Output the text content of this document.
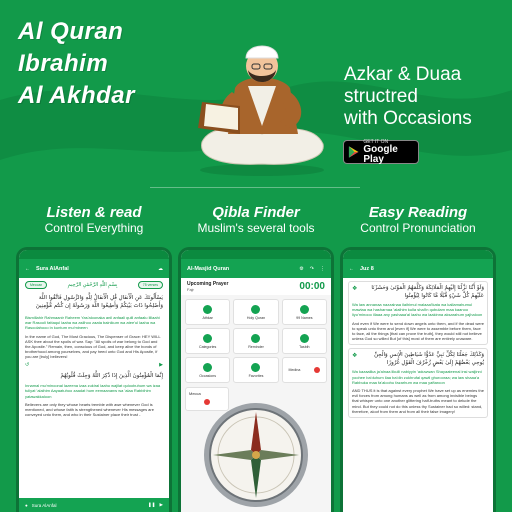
Al Quran
Ibrahim
Al Akhdar
Azkar & Duaa
structred
with Occasions
GET IT ON
Google Play
Listen & read
Control Everything
Qibla Finder
Muslim's several tools
Easy Reading
Control Pronunciation
← Sura AlAnfal	☁
Meccan	بِسْمِ اللَّهِ الرَّحْمَٰنِ الرَّحِيمِ	75 verses
يَسْأَلُونَكَ عَنِ الْأَنفَالِ قُلِ الْأَنفَالُ لِلَّهِ وَالرَّسُولِ فَاتَّقُوا اللَّهَ وَأَصْلِحُوا ذَاتَ بَيْنِكُمْ وَأَطِيعُوا اللَّهَ وَرَسُولَهُ إِن كُنتُم مُّؤْمِنِينَ

Bismillahir Rahmaanir Raheem Yas'aloonaka anil anfaali qulil anfaalu lillaahi war Rasooli fattaqul laaha wa aslihoo zaata bainikum wa atee'ul laaha wa Rasoolahooo in kuntum mu'mineen

In the name of God, The Most Gracious, The Dispenser of Grace: HEY WILL ASK thee about the spoils of war. Say: "All spoils of war belong to God and the Apostle." Remain, then, conscious of God, and keep alive the bonds of brotherhood among yourselves, and pay heed unto God and His Apostle, if you are [truly] believers!

↺	▶
إِنَّمَا الْمُؤْمِنُونَ الَّذِينَ إِذَا ذُكِرَ اللَّهُ وَجِلَتْ قُلُوبُهُمْ

Innamal mu'minoonal lazeena izaa zukiral laahu wajilat quloobuhum wa izaa tuliyat 'alaihim Aayaatuhoo zaadat hum eemaananw wa 'alaa Rabbihim yatawakkaloon

Believers are only they whose hearts tremble with awe whenever God is mentioned, and whose faith is strengthened whenever His messages are conveyed unto them, and who in their Sustainer place their trust -

● Sura AlAnfal	❚❚ ▶
Al-Masjid Quran	⚙ ↷ ⋮
Upcoming Prayer
Fajr	00:00
Athkar	Holy Quran	99 Names
Categories	Reminder	Tasbih
Occasions	Favorites
Medina
Mecca
← Juz 8
❖	وَلَوْ أَنَّنَا نَزَّلْنَا إِلَيْهِمُ الْمَلَائِكَةَ وَكَلَّمَهُمُ الْمَوْتَىٰ وَحَشَرْنَا عَلَيْهِمْ كُلَّ شَيْءٍ قُبُلًا مَّا كَانُوا لِيُؤْمِنُوا

Wa law annanaa nazzalnaa ilaihimul malaaa'ikata wa kallamahumul mawtaa wa hasharnaa 'alaihim kulla shai'in qubulam maa kaanoo liyu'minooo illaaa any yashaaa'al laahu wa laakinna aksarahum yajhaloon

And even if We were to send down angels unto them, and if the dead were to speak unto them and [even if] We were to assemble before them, face to face, all the things [that can prove the truth], they would still not believe unless God so willed But [of this] most of them are entirely unaware.

❖	وَكَذَٰلِكَ جَعَلْنَا لِكُلِّ نَبِيٍّ عَدُوًّا شَيَاطِينَ الْإِنسِ وَالْجِنِّ يُوحِي بَعْضُهُمْ إِلَىٰ بَعْضٍ زُخْرُفَ الْقَوْلِ غُرُورًا

Wa kazaalika ja'alnaa likulli nabiyyin 'aduwwan Shayaateenal insi waljinni yoohee ba'duhum ilaa ba'din zukhrufal qawli ghurooraa; wa law shaaa'a Rabbuka maa fa'aloohu fazarhum wa maa yaftaroon

AND THUS it is that against every prophet We have set up as enemies the evil forces from among humans as well as from among invisible beings that whisper unto one another glittering half-truths meant to delude the mind. But they could not do this unless thy Sustainer had so willed: stand, therefore, aloof from them and from all their false imagery!
